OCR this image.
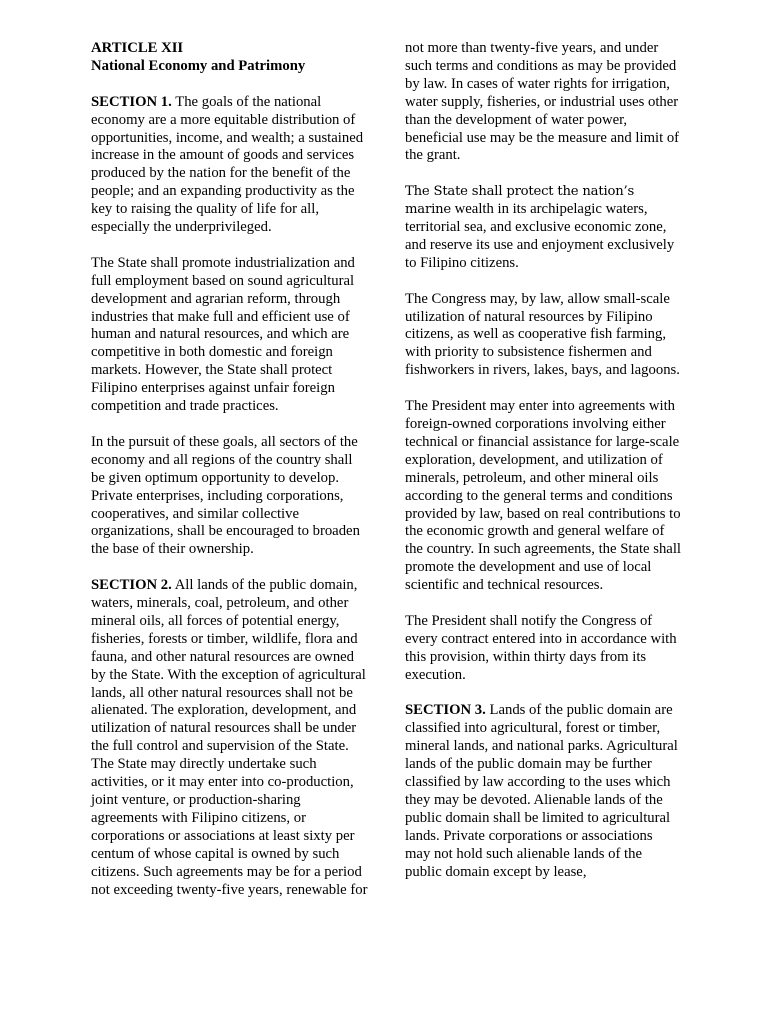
ARTICLE XII
National Economy and Patrimony

SECTION 1. The goals of the national economy are a more equitable distribution of opportunities, income, and wealth; a sustained increase in the amount of goods and services produced by the nation for the benefit of the people; and an expanding productivity as the key to raising the quality of life for all, especially the underprivileged.

The State shall promote industrialization and full employment based on sound agricultural development and agrarian reform, through industries that make full and efficient use of human and natural resources, and which are competitive in both domestic and foreign markets. However, the State shall protect Filipino enterprises against unfair foreign competition and trade practices.

In the pursuit of these goals, all sectors of the economy and all regions of the country shall be given optimum opportunity to develop. Private enterprises, including corporations, cooperatives, and similar collective organizations, shall be encouraged to broaden the base of their ownership.

SECTION 2. All lands of the public domain, waters, minerals, coal, petroleum, and other mineral oils, all forces of potential energy, fisheries, forests or timber, wildlife, flora and fauna, and other natural resources are owned by the State. With the exception of agricultural lands, all other natural resources shall not be alienated. The exploration, development, and utilization of natural resources shall be under the full control and supervision of the State. The State may directly undertake such activities, or it may enter into co-production, joint venture, or production-sharing agreements with Filipino citizens, or corporations or associations at least sixty per centum of whose capital is owned by such citizens. Such agreements may be for a period not exceeding twenty-five years, renewable for

not more than twenty-five years, and under such terms and conditions as may be provided by law. In cases of water rights for irrigation, water supply, fisheries, or industrial uses other than the development of water power, beneficial use may be the measure and limit of the grant.

The State shall protect the nation’s marine wealth in its archipelagic waters, territorial sea, and exclusive economic zone, and reserve its use and enjoyment exclusively to Filipino citizens.

The Congress may, by law, allow small-scale utilization of natural resources by Filipino citizens, as well as cooperative fish farming, with priority to subsistence fishermen and fishworkers in rivers, lakes, bays, and lagoons.

The President may enter into agreements with foreign-owned corporations involving either technical or financial assistance for large-scale exploration, development, and utilization of minerals, petroleum, and other mineral oils according to the general terms and conditions provided by law, based on real contributions to the economic growth and general welfare of the country. In such agreements, the State shall promote the development and use of local scientific and technical resources.

The President shall notify the Congress of every contract entered into in accordance with this provision, within thirty days from its execution.

SECTION 3. Lands of the public domain are classified into agricultural, forest or timber, mineral lands, and national parks. Agricultural lands of the public domain may be further classified by law according to the uses which they may be devoted. Alienable lands of the public domain shall be limited to agricultural lands. Private corporations or associations may not hold such alienable lands of the public domain except by lease,
